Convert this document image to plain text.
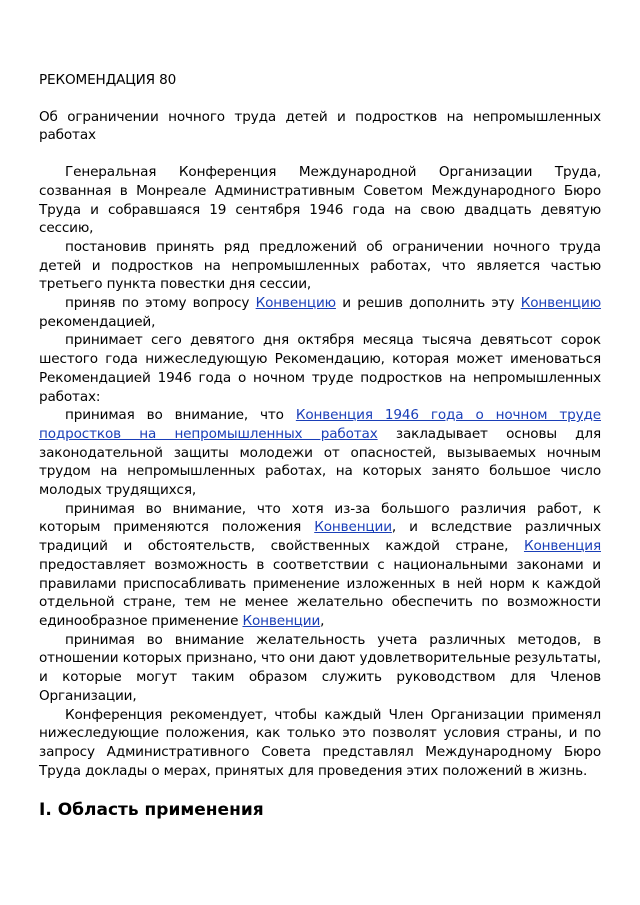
РЕКОМЕНДАЦИЯ 80
Об ограничении ночного труда детей и подростков на непромышленных работах

Генеральная Конференция Международной Организации Труда, созванная в Монреале Административным Советом Международного Бюро Труда и собравшаяся 19 сентября 1946 года на свою двадцать девятую сессию,

постановив принять ряд предложений об ограничении ночного труда детей и подростков на непромышленных работах, что является частью третьего пункта повестки дня сессии,

приняв по этому вопросу Конвенцию и решив дополнить эту Конвенцию рекомендацией,

принимает сего девятого дня октября месяца тысяча девятьсот сорок шестого года нижеследующую Рекомендацию, которая может именоваться Рекомендацией 1946 года о ночном труде подростков на непромышленных работах:

принимая во внимание, что Конвенция 1946 года о ночном труде подростков на непромышленных работах закладывает основы для законодательной защиты молодежи от опасностей, вызываемых ночным трудом на непромышленных работах, на которых занято большое число молодых трудящихся,

принимая во внимание, что хотя из-за большого различия работ, к которым применяются положения Конвенции, и вследствие различных традиций и обстоятельств, свойственных каждой стране, Конвенция предоставляет возможность в соответствии с национальными законами и правилами приспосабливать применение изложенных в ней норм к каждой отдельной стране, тем не менее желательно обеспечить по возможности единообразное применение Конвенции,

принимая во внимание желательность учета различных методов, в отношении которых признано, что они дают удовлетворительные результаты, и которые могут таким образом служить руководством для Членов Организации,

Конференция рекомендует, чтобы каждый Член Организации применял нижеследующие положения, как только это позволят условия страны, и по запросу Административного Совета представлял Международному Бюро Труда доклады о мерах, принятых для проведения этих положений в жизнь.

I. Область применения
